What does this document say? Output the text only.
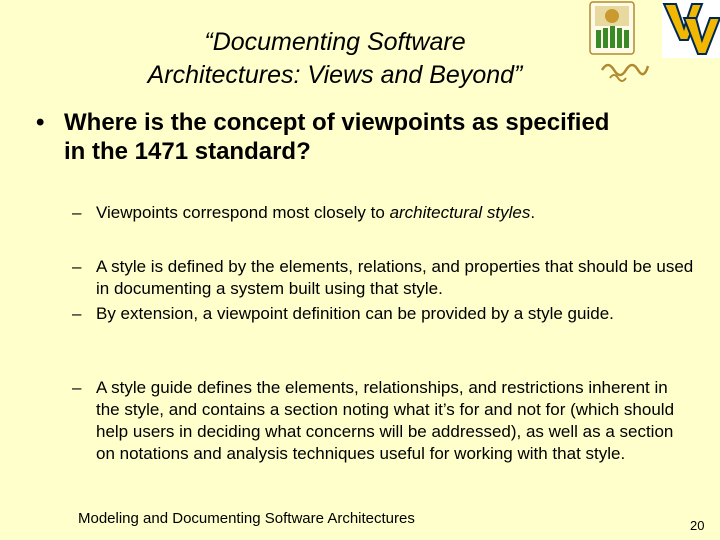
“Documenting Software
Architectures: Views and Beyond”
• Where is the concept of viewpoints as specified in the 1471 standard?
– Viewpoints correspond most closely to architectural styles.
– A style is defined by the elements, relations, and properties that should be used in documenting a system built using that style.
– By extension, a viewpoint definition can be provided by a style guide.
– A style guide defines the elements, relationships, and restrictions inherent in the style, and contains a section noting what it’s for and not for (which should help users in deciding what concerns will be addressed), as well as a section on notations and analysis techniques useful for working with that style.
Modeling and Documenting Software Architectures	20
